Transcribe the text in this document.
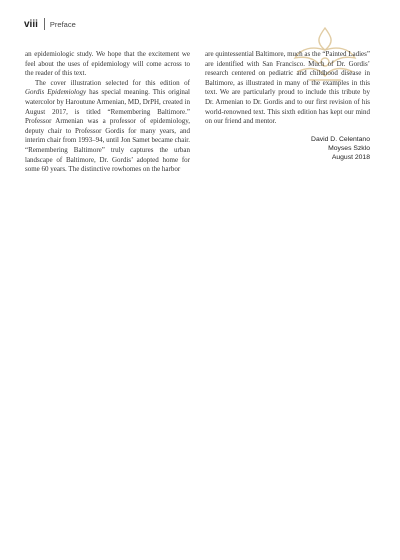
viii Preface

an epidemiologic study. We hope that the excitement we feel about the uses of epidemiology will come across to the reader of this text.

The cover illustration selected for this edition of Gordis Epidemiology has special meaning. This original watercolor by Haroutune Armenian, MD, DrPH, created in August 2017, is titled “Remembering Baltimore.” Professor Armenian was a professor of epidemiology, deputy chair to Professor Gordis for many years, and interim chair from 1993–94, until Jon Samet became chair. “Remembering Baltimore” truly captures the urban landscape of Baltimore, Dr. Gordis’ adopted home for some 60 years. The distinctive rowhomes on the harbor

are quintessential Baltimore, much as the “Painted Ladies” are identified with San Francisco. Much of Dr. Gordis’ research centered on pediatric and childhood disease in Baltimore, as illustrated in many of the examples in this text. We are particularly proud to include this tribute by Dr. Armenian to Dr. Gordis and to our first revision of his world-renowned text. This sixth edition has kept our mind on our friend and mentor.

David D. Celentano
Moyses Szklo
August 2018
